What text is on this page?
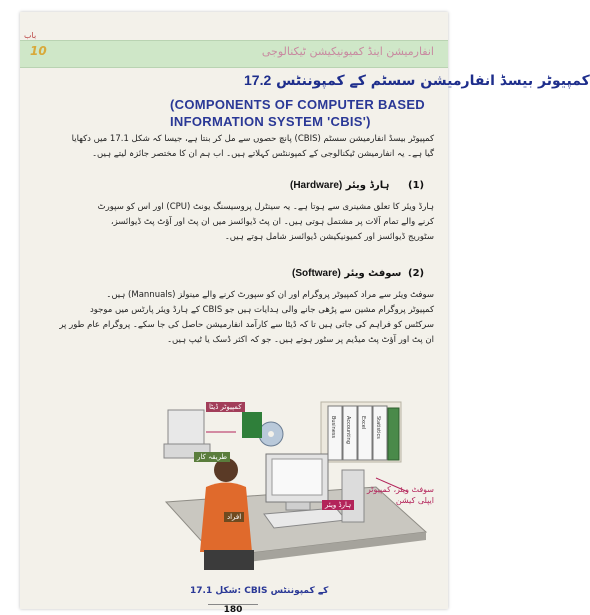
باب
10	انفارمیشن اینڈ کمیونیکیشن ٹیکنالوجی
کمپیوٹر بیسڈ انفارمیشن سسٹم کے کمپوننٹس 17.2
(COMPONENTS OF COMPUTER BASED
INFORMATION SYSTEM 'CBIS')
کمپیوٹر بیسڈ انفارمیشن سسٹم (CBIS) پانچ حصوں سے مل کر بنتا ہے، جیسا کہ شکل 17.1 میں دکھایا
گیا ہے۔ یہ انفارمیشن ٹیکنالوجی کے کمپوننٹس کہلاتے ہیں۔ اب ہم ان کا مختصر جائزہ لیتے ہیں۔
(Hardware) ہارڈ ویئر (1)
ہارڈ ویئر کا تعلق مشینری سے ہوتا ہے۔ یہ سینٹرل پروسیسنگ یونٹ (CPU) اور اس کو سپورٹ
کرنے والے تمام آلات پر مشتمل ہوتی ہیں۔ ان پٹ ڈیوائسز میں ان پٹ اور آؤٹ پٹ ڈیوائسز،
سٹوریج ڈیوائسز اور کمیونیکیشن ڈیوائسز شامل ہوتے ہیں۔
(Software) سوفٹ ویئر (2)
سوفٹ ویئر سے مراد کمپیوٹر پروگرام اور ان کو سپورٹ کرنے والے مینولز (Mannuals) ہیں۔
کمپیوٹر پروگرام مشین سے پڑھی جانے والی ہدایات ہیں جو CBIS کے ہارڈ ویئر پارٹس میں موجود
سرکٹس کو فراہم کی جاتی ہیں تا کہ ڈیٹا سے کارآمد انفارمیشن حاصل کی جا سکے۔ پروگرام عام طور پر
ان پٹ اور آؤٹ پٹ میڈیم پر سٹور ہوتے ہیں۔ جو کہ اکثر ڈسک یا ٹیپ ہیں۔
طریقہ کار
کمپیوٹر ڈیٹا
افراد
ہارڈ ویئر
سوفٹ ویئر، کمپیوٹر ایپلی کیشن
Business Accounting Excel Statistics
شکل 17.1: CBIS کے کمپوننٹس
180
